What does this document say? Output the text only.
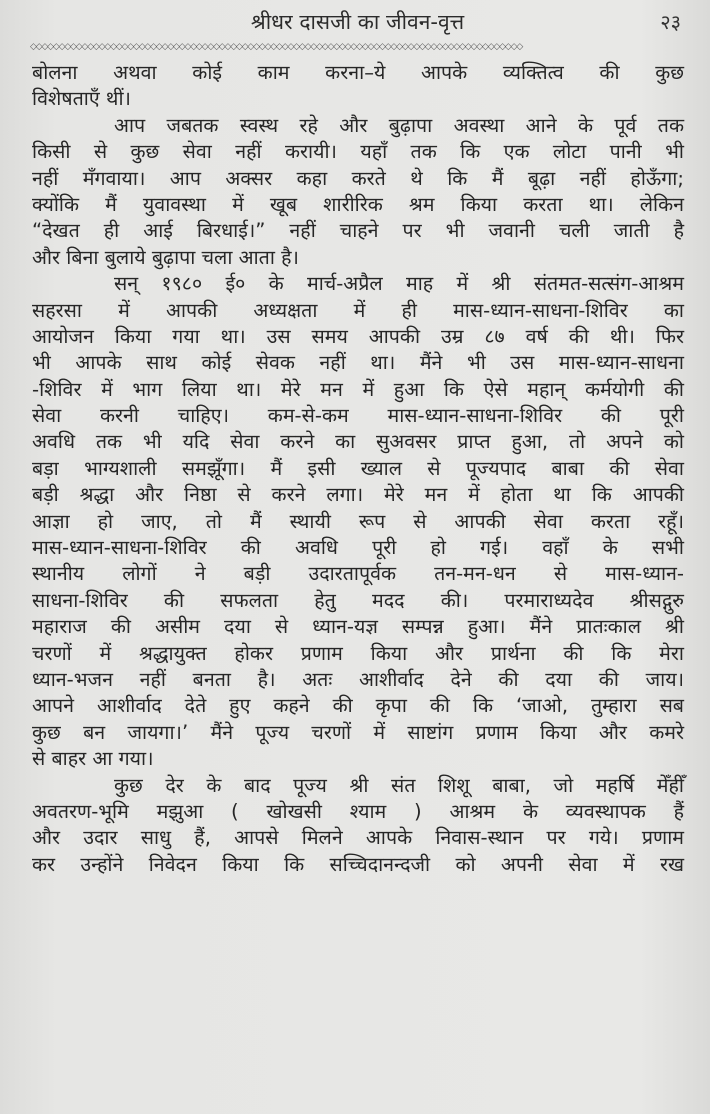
श्रीधर दासजी का जीवन-वृत्त	२३
◇◇◇◇◇◇◇◇◇◇◇◇◇◇◇◇◇◇◇◇◇◇◇◇◇◇◇◇◇◇◇◇◇◇◇◇◇◇◇◇◇◇◇◇◇◇◇◇◇◇◇◇◇◇◇◇◇◇◇◇◇◇◇◇◇◇◇◇◇◇◇◇◇◇◇◇◇◇◇◇◇◇◇◇◇◇
बोलना अथवा कोई काम करना–ये आपके व्यक्तित्व की कुछ
विशेषताएँ थीं।
आप जबतक स्वस्थ रहे और बुढ़ापा अवस्था आने के पूर्व तक
किसी से कुछ सेवा नहीं करायी। यहाँ तक कि एक लोटा पानी भी
नहीं मँगवाया। आप अक्सर कहा करते थे कि मैं बूढ़ा नहीं होऊँगा;
क्योंकि मैं युवावस्था में खूब शारीरिक श्रम किया करता था। लेकिन
“देखत ही आई बिरधाई।” नहीं चाहने पर भी जवानी चली जाती है
और बिना बुलाये बुढ़ापा चला आता है।
सन् १९८० ई० के मार्च-अप्रैल माह में श्री संतमत-सत्संग-आश्रम
सहरसा में आपकी अध्यक्षता में ही मास-ध्यान-साधना-शिविर का
आयोजन किया गया था। उस समय आपकी उम्र ८७ वर्ष की थी। फिर
भी आपके साथ कोई सेवक नहीं था। मैंने भी उस मास-ध्यान-साधना
-शिविर में भाग लिया था। मेरे मन में हुआ कि ऐसे महान् कर्मयोगी की
सेवा करनी चाहिए। कम-से-कम मास-ध्यान-साधना-शिविर की पूरी
अवधि तक भी यदि सेवा करने का सुअवसर प्राप्त हुआ, तो अपने को
बड़ा भाग्यशाली समझूँगा। मैं इसी ख्याल से पूज्यपाद बाबा की सेवा
बड़ी श्रद्धा और निष्ठा से करने लगा। मेरे मन में होता था कि आपकी
आज्ञा हो जाए, तो मैं स्थायी रूप से आपकी सेवा करता रहूँ।
मास-ध्यान-साधना-शिविर की अवधि पूरी हो गई। वहाँ के सभी
स्थानीय लोगों ने बड़ी उदारतापूर्वक तन-मन-धन से मास-ध्यान-
साधना-शिविर की सफलता हेतु मदद की। परमाराध्यदेव श्रीसद्गुरु
महाराज की असीम दया से ध्यान-यज्ञ सम्पन्न हुआ। मैंने प्रातःकाल श्री
चरणों में श्रद्धायुक्त होकर प्रणाम किया और प्रार्थना की कि मेरा
ध्यान-भजन नहीं बनता है। अतः आशीर्वाद देने की दया की जाय।
आपने आशीर्वाद देते हुए कहने की कृपा की कि ‘जाओ, तुम्हारा सब
कुछ बन जायगा।’ मैंने पूज्य चरणों में साष्टांग प्रणाम किया और कमरे
से बाहर आ गया।
कुछ देर के बाद पूज्य श्री संत शिशू बाबा, जो महर्षि मेँहीँ
अवतरण-भूमि मझुआ ( खोखसी श्याम ) आश्रम के व्यवस्थापक हैं
और उदार साधु हैं, आपसे मिलने आपके निवास-स्थान पर गये। प्रणाम
कर उन्होंने निवेदन किया कि सच्चिदानन्दजी को अपनी सेवा में रख
